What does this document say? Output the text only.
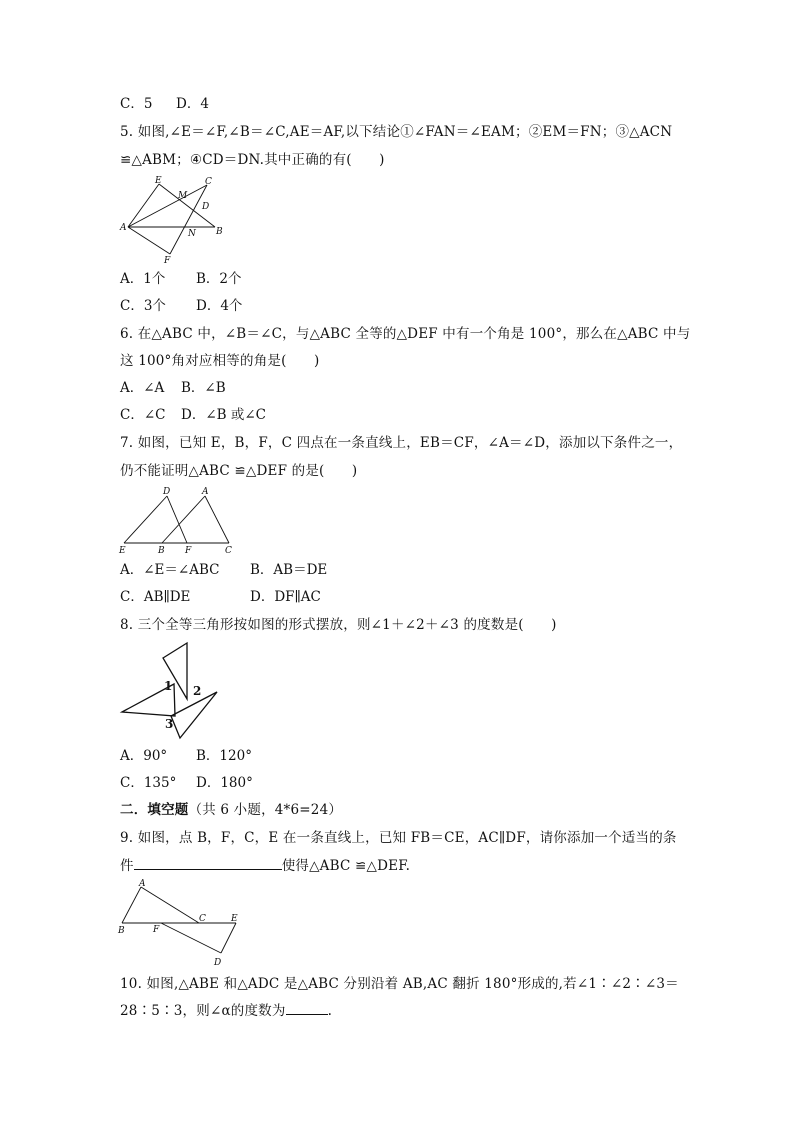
C．5 D．4
5. 如图,∠E＝∠F,∠B＝∠C,AE＝AF,以下结论①∠FAN＝∠EAM；②EM＝FN；③△ACN
≌△ABM；④CD＝DN.其中正确的有(　　)
E	C
M
D
A
N B
F
A．1个 B．2个
C．3个 D．4个
6. 在△ABC 中，∠B＝∠C，与△ABC 全等的△DEF 中有一个角是 100°，那么在△ABC 中与
这 100°角对应相等的角是(　　)
A．∠A B．∠B
C．∠C D．∠B 或∠C
7. 如图，已知 E，B，F，C 四点在一条直线上，EB＝CF，∠A＝∠D，添加以下条件之一，
仍不能证明△ABC ≌△DEF 的是(　　)
D	A
E	B F	C
A．∠E＝∠ABC B．AB＝DE
C．AB∥DE	D．DF∥AC
8. 三个全等三角形按如图的形式摆放，则∠1＋∠2＋∠3 的度数是(　　)
1 2
3
A．90° B．120°
C．135° D．180°
二．填空题（共 6 小题，4*6=24）
9. 如图，点 B，F，C，E 在一条直线上，已知 FB＝CE，AC∥DF，请你添加一个适当的条
件	使得△ABC ≌△DEF.
A
C	E
B	F
D
10. 如图,△ABE 和△ADC 是△ABC 分别沿着 AB,AC 翻折 180°形成的,若∠1∶∠2∶∠3＝
28∶5∶3，则∠α的度数为	.
